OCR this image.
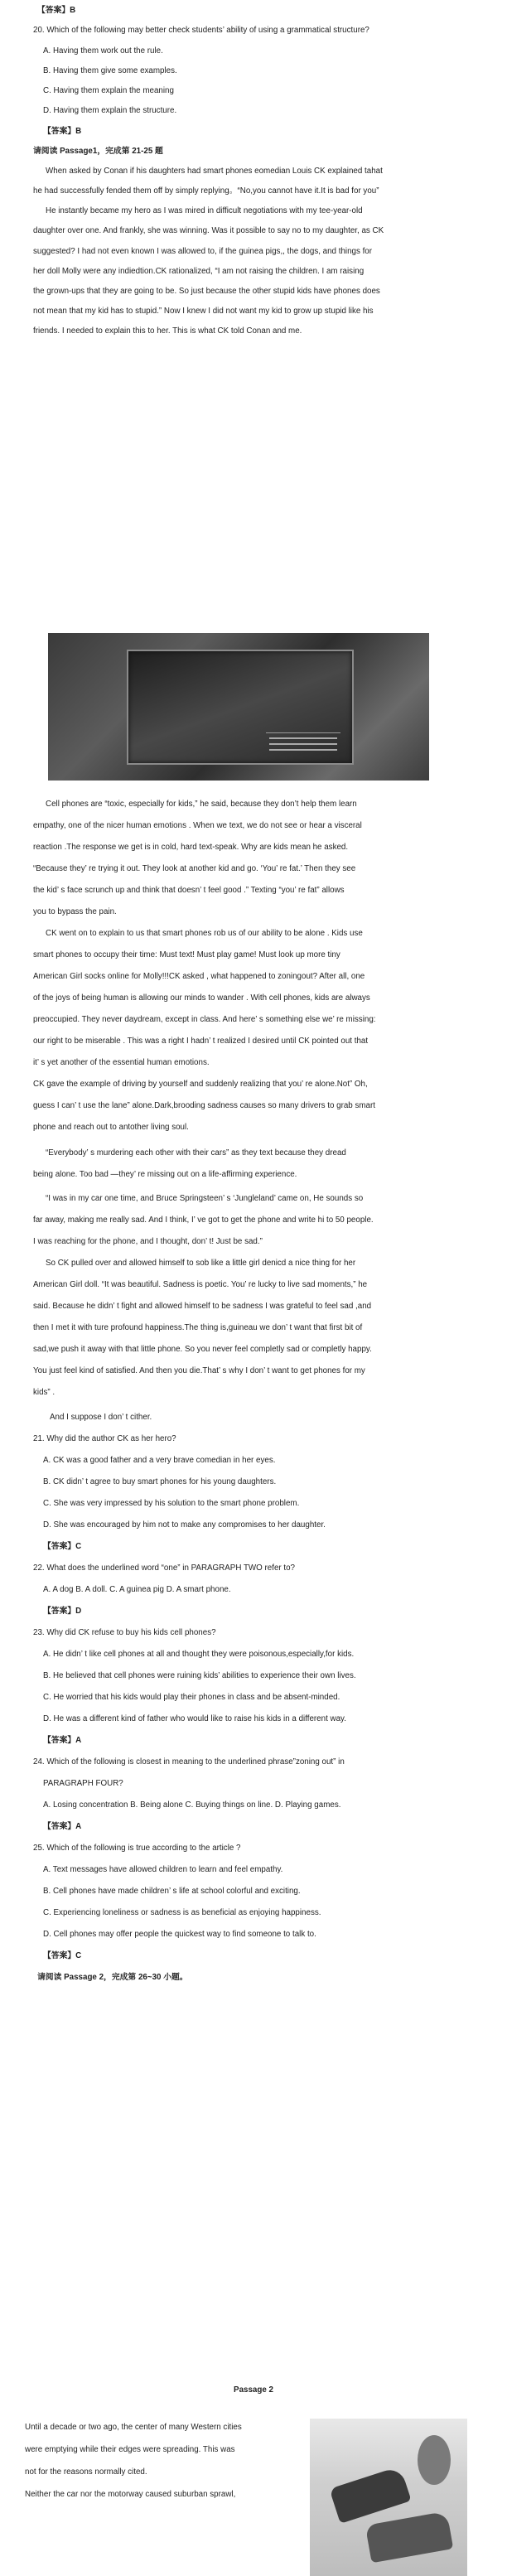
【答案】B
20. Which of the following may better check students’ ability of using a grammatical structure?
A. Having them work out the rule.
B. Having them give some examples.
C. Having them explain the meaning
D. Having them explain the structure.
【答案】B
请阅读 Passage1，完成第 21-25 题
When asked by Conan if his daughters had smart phones eomedian Louis CK explained tahat
he had successfully fended them off by simply replying。“No,you cannot have it.It is bad for you”
He instantly became my hero as I was mired in difficult negotiations with my tee-year-old
daughter over one. And frankly, she was winning. Was it possible to say no to my daughter, as CK
suggested? I had not even known I was allowed to, if the guinea pigs,, the dogs, and things for
her doll Molly were any indiedtion.CK rationalized, “I am not raising the children. I am raising
the grown-ups that they are going to be. So just because the other stupid kids have phones does
not mean that my kid has to stupid.” Now I knew I did not want my kid to grow up stupid like his
friends. I needed to explain this to her. This is what CK told Conan and me.
Cell phones are “toxic, especially for kids,” he said, because they don’t help them learn
empathy, one of the nicer human emotions . When we text, we do not see or hear a visceral
reaction .The response we get is in cold, hard text-speak. Why are kids mean he asked.
“Because they’ re trying it out. They look at another kid and go. ‘You’ re fat.’ Then they see
the kid’ s face scrunch up and think that doesn’ t feel good .” Texting “you’ re fat” allows
you to bypass the pain.
CK went on to explain to us that smart phones rob us of our ability to be alone . Kids use
smart phones to occupy their time: Must text! Must play game! Must look up more tiny
American Girl socks online for Molly!!!CK asked , what happened to zoningout? After all, one
of the joys of being human is allowing our minds to wander . With cell phones, kids are always
preoccupied. They never daydream, except in class. And here’ s something else we’ re missing:
our right to be miserable . This was a right I hadn’ t realized I desired until CK pointed out that
it’ s yet another of the essential human emotions.
CK gave the example of driving by yourself and suddenly realizing that you’ re alone.Not” Oh,
guess I can’ t use the lane” alone.Dark,brooding sadness causes so many drivers to grab smart
phone and reach out to antother living soul.
“Everybody’ s murdering each other with their cars” as they text because they dread
being alone. Too bad —they’ re missing out on a life-affirming experience.
“I was in my car one time, and Bruce Springsteen’ s ‘Jungleland’ came on, He sounds so
far away, making me really sad. And I think, I’ ve got to get the phone and write hi to 50 people.
I was reaching for the phone, and I thought, don’ t! Just be sad.”
So CK pulled over and allowed himself to sob like a little girl denicd a nice thing for her
American Girl doll. “It was beautiful. Sadness is poetic. You’ re lucky to live sad moments,” he
said. Because he didn’ t fight and allowed himself to be sadness I was grateful to feel sad ,and
then I met it with ture profound happiness.The thing is,guineau we don’ t want that first bit of
sad,we push it away with that little phone. So you never feel completly sad or completly happy.
You just feel kind of satisfied. And then you die.That’ s why I don’ t want to get phones for my
kids” .
And I suppose I don’ t cither.
21. Why did the author CK as her hero?
A. CK was a good father and a very brave comedian in her eyes.
B. CK didn’ t agree to buy smart phones for his young daughters.
C. She was very impressed by his solution to the smart phone problem.
D. She was encouraged by him not to make any compromises to her daughter.
【答案】C
22. What does the underlined word “one” in PARAGRAPH TWO refer to?
A. A dog B. A doll. C. A guinea pig D. A smart phone.
【答案】D
23. Why did CK refuse to buy his kids cell phones?
A. He didn’ t like cell phones at all and thought they were poisonous,especially,for kids.
B. He believed that cell phones were ruining kids’ abilities to experience their own lives.
C. He worried that his kids would play their phones in class and be absent-minded.
D. He was a different kind of father who would like to raise his kids in a different way.
【答案】A
24. Which of the following is closest in meaning to the underlined phrase”zoning out” in
PARAGRAPH FOUR?
A. Losing concentration B. Being alone C. Buying things on line. D. Playing games.
【答案】A
25. Which of the following is true according to the article ?
A. Text messages have allowed children to learn and feel empathy.
B. Cell phones have made children’ s life at school colorful and exciting.
C. Experiencing loneliness or sadness is as beneficial as enjoying happiness.
D. Cell phones may offer people the quickest way to find someone to talk to.
【答案】C
请阅读 Passage 2，完成第 26~30 小题。
Passage 2
Until a decade or two ago, the center of many Western cities
were emptying while their edges were spreading. This was
not for the reasons normally cited.
Neither the car nor the motorway caused suburban sprawl,
